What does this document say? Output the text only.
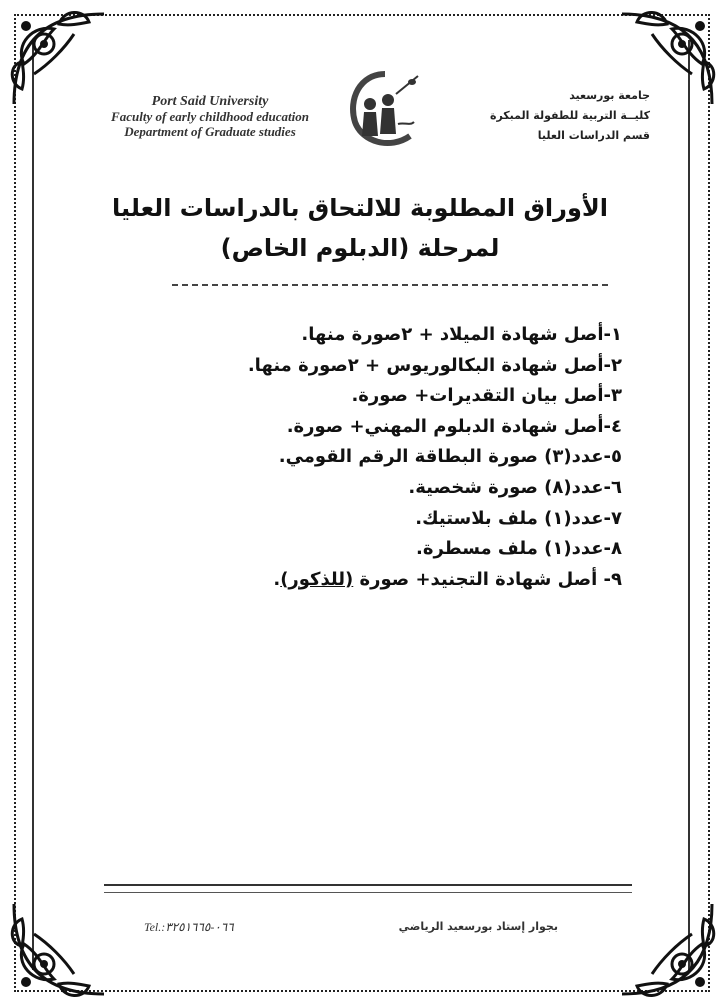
Port Said University
Faculty of early childhood education
Department of Graduate studies
جامعة بورسعيد
كليــة التربية للطفولة المبكرة
قسم الدراسات العليا
الأوراق المطلوبة للالتحاق بالدراسات العليا
لمرحلة (الدبلوم الخاص)
١-أصل شهادة الميلاد + ٢صورة منها.
٢-أصل شهادة البكالوريوس + ٢صورة منها.
٣-أصل بيان التقديرات+ صورة.
٤-أصل شهادة الدبلوم المهني+ صورة.
٥-عدد(٣) صورة البطاقة الرقم القومي.
٦-عدد(٨) صورة شخصية.
٧-عدد(١) ملف بلاستيك.
٨-عدد(١) ملف مسطرة.
٩- أصل شهادة التجنيد+ صورة (للذكور).
Tel.:٠٦٦-٣٢٥١٦٦٥	بجوار إستاد بورسعيد الرياضي
